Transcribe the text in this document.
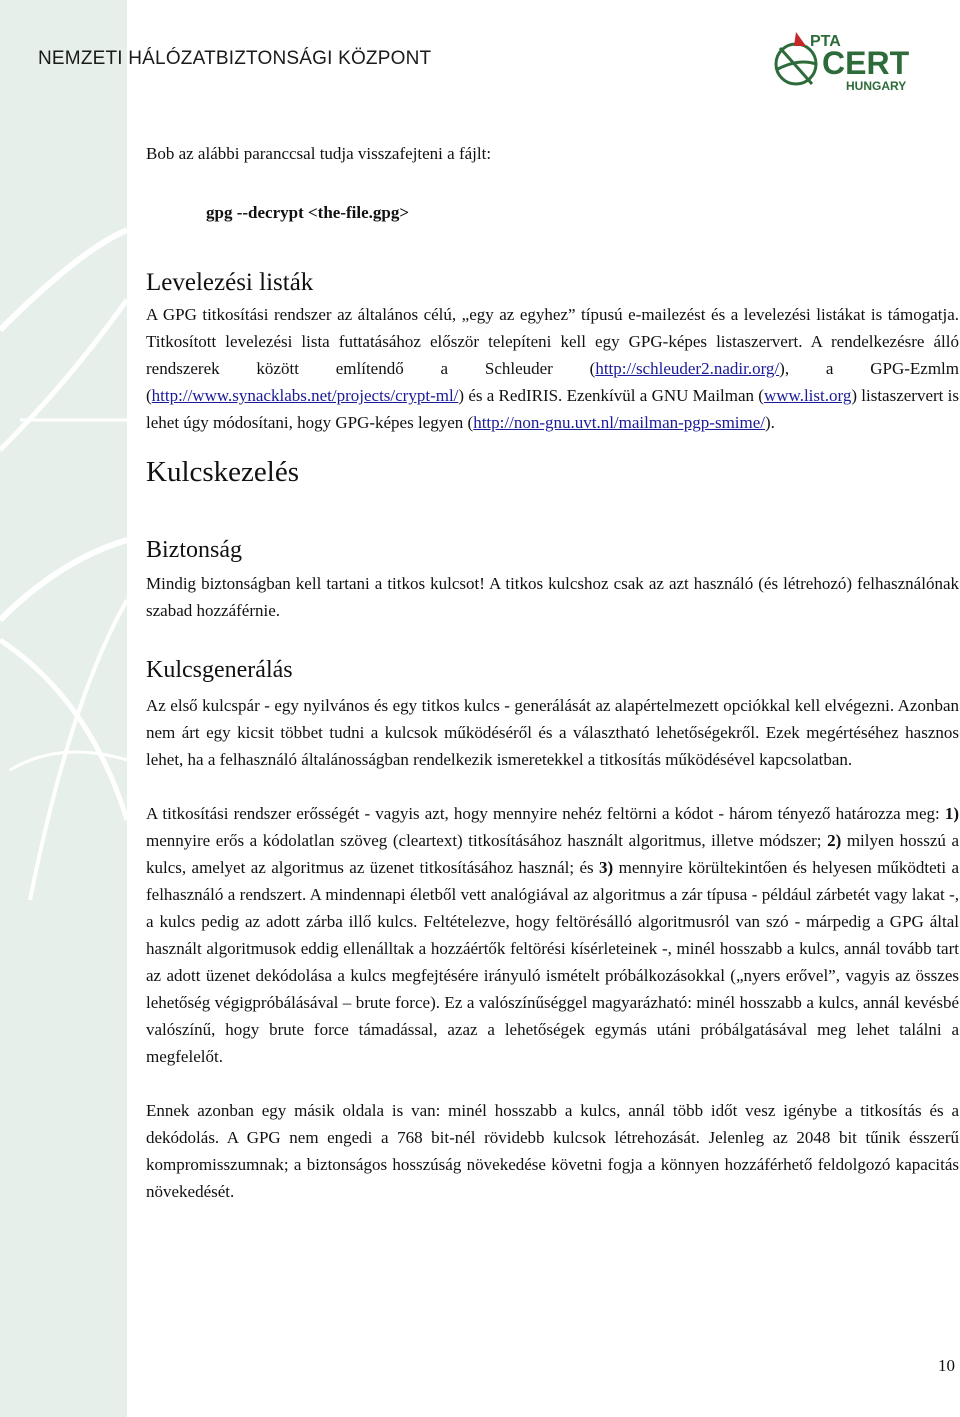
NEMZETI HÁLÓZATBIZTONSÁGI KÖZPONT
PTA
CERT
HUNGARY

Bob az alábbi paranccsal tudja visszafejteni a fájlt:

gpg --decrypt <the-file.gpg>

Levelezési listák

A GPG titkosítási rendszer az általános célú, „egy az egyhez” típusú e-mailezést és a levelezési listákat is támogatja. Titkosított levelezési lista futtatásához először telepíteni kell egy GPG-képes listaszervert. A rendelkezésre álló rendszerek között említendő a Schleuder (http://schleuder2.nadir.org/), a GPG-Ezmlm (http://www.synacklabs.net/projects/crypt-ml/) és a RedIRIS. Ezenkívül a GNU Mailman (www.list.org) listaszervert is lehet úgy módosítani, hogy GPG-képes legyen (http://non-gnu.uvt.nl/mailman-pgp-smime/).

Kulcskezelés
Biztonság

Mindig biztonságban kell tartani a titkos kulcsot! A titkos kulcshoz csak az azt használó (és létrehozó) felhasználónak szabad hozzáférnie.

Kulcsgenerálás

Az első kulcspár - egy nyilvános és egy titkos kulcs - generálását az alapértelmezett opciókkal kell elvégezni. Azonban nem árt egy kicsit többet tudni a kulcsok működéséről és a választható lehetőségekről. Ezek megértéséhez hasznos lehet, ha a felhasználó általánosságban rendelkezik ismeretekkel a titkosítás működésével kapcsolatban.

A titkosítási rendszer erősségét - vagyis azt, hogy mennyire nehéz feltörni a kódot - három tényező határozza meg: 1) mennyire erős a kódolatlan szöveg (cleartext) titkosításához használt algoritmus, illetve módszer; 2) milyen hosszú a kulcs, amelyet az algoritmus az üzenet titkosításához használ; és 3) mennyire körültekintően és helyesen működteti a felhasználó a rendszert. A mindennapi életből vett analógiával az algoritmus a zár típusa - például zárbetét vagy lakat -, a kulcs pedig az adott zárba illő kulcs. Feltételezve, hogy feltörésálló algoritmusról van szó - márpedig a GPG által használt algoritmusok eddig ellenálltak a hozzáértők feltörési kísérleteinek -, minél hosszabb a kulcs, annál tovább tart az adott üzenet dekódolása a kulcs megfejtésére irányuló ismételt próbálkozásokkal („nyers erővel”, vagyis az összes lehetőség végigpróbálásával – brute force). Ez a valószínűséggel magyarázható: minél hosszabb a kulcs, annál kevésbé valószínű, hogy brute force támadással, azaz a lehetőségek egymás utáni próbálgatásával meg lehet találni a megfelelőt.

Ennek azonban egy másik oldala is van: minél hosszabb a kulcs, annál több időt vesz igénybe a titkosítás és a dekódolás. A GPG nem engedi a 768 bit-nél rövidebb kulcsok létrehozását. Jelenleg az 2048 bit tűnik ésszerű kompromisszumnak; a biztonságos hosszúság növekedése követni fogja a könnyen hozzáférhető feldolgozó kapacitás növekedését.

10
